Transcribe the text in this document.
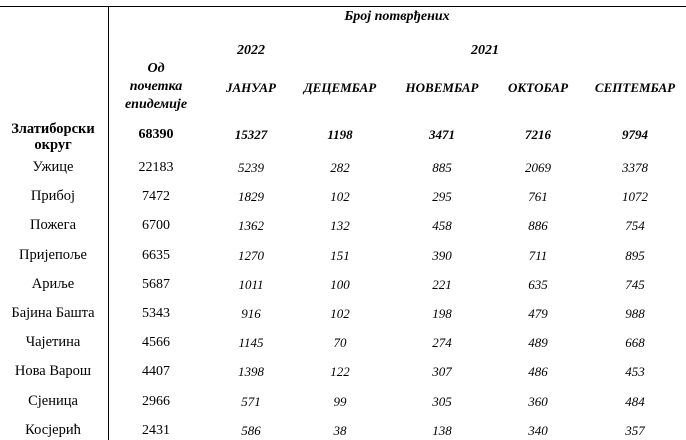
Број потврђених
2022	2021
Од
почетка
епидемије
ЈАНУАР ДЕЦЕМБАР НОВЕМБАР ОКТОБАР СЕПТЕМБАР
Златиборски
округ
68390	15327	1198	3471	7216	9794
Ужице	22183	5239	282	885	2069	3378
Прибој	7472	1829	102	295	761	1072
Пожега	6700	1362	132	458	886	754
Пријепоље	6635	1270	151	390	711	895
Ариље	5687	1011	100	221	635	745
Бајина Башта	5343	916	102	198	479	988
Чајетина	4566	1145	70	274	489	668
Нова Варош	4407	1398	122	307	486	453
Сјеница	2966	571	99	305	360	484
Косјерић	2431	586	38	138	340	357
